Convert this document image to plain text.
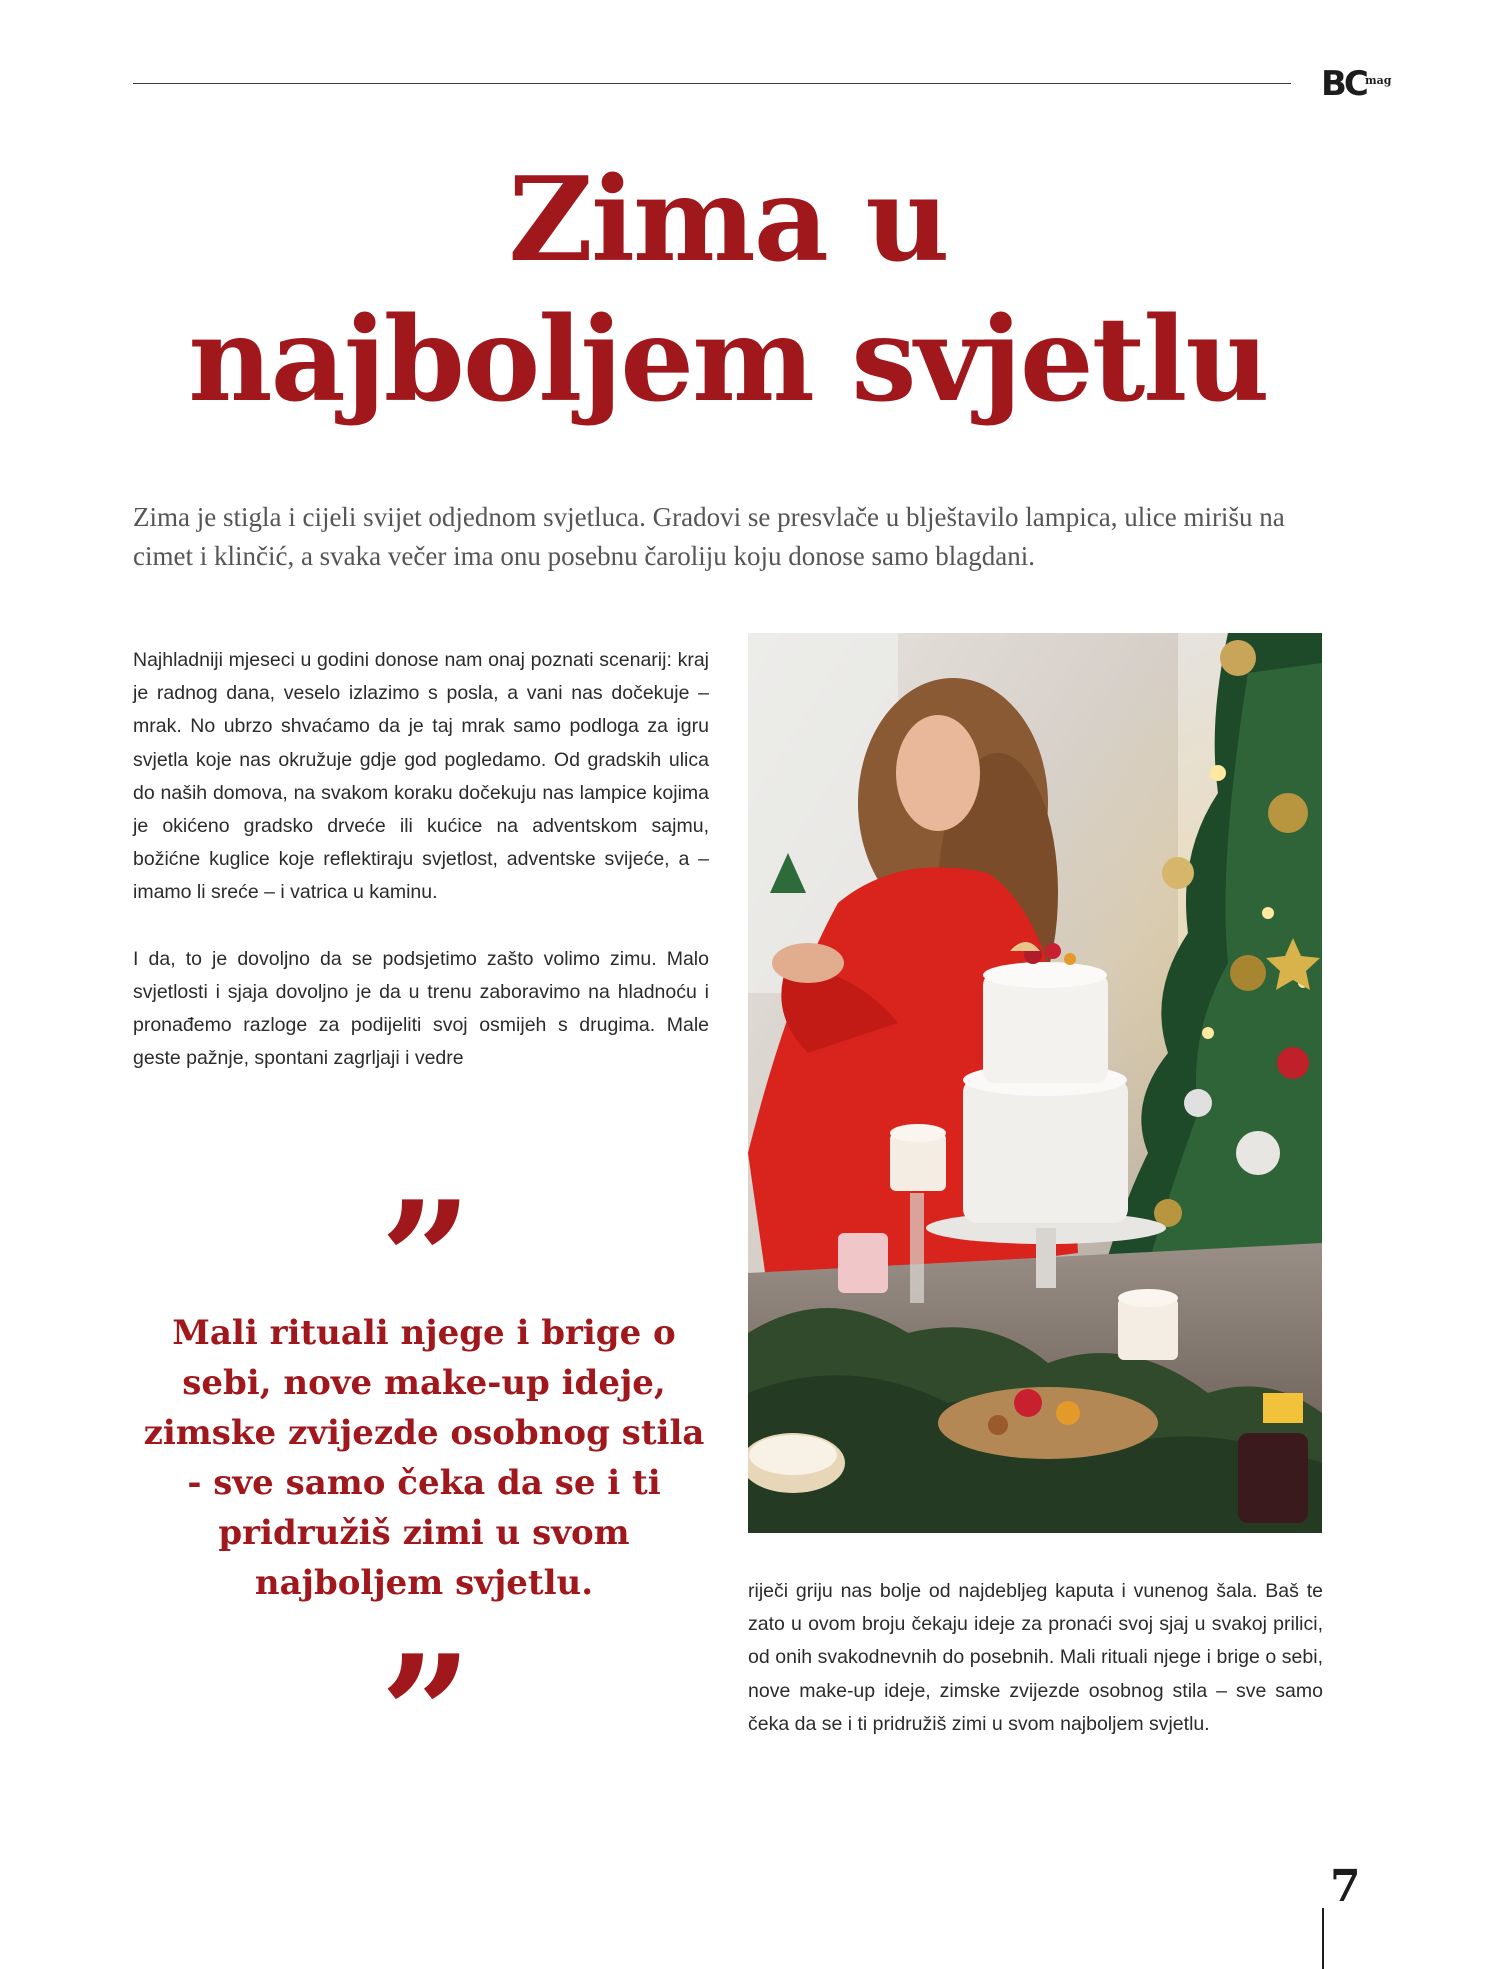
BC mag
Zima u
najboljem svjetlu

Zima je stigla i cijeli svijet odjednom svjetluca. Gradovi se presvlače u blještavilo lampica, ulice mirišu na cimet i klinčić, a svaka večer ima onu posebnu čaroliju koju donose samo blagdani.

Najhladniji mjeseci u godini donose nam onaj poznati scenarij: kraj je radnog dana, veselo izlazimo s posla, a vani nas dočekuje – mrak. No ubrzo shvaćamo da je taj mrak samo podloga za igru svjetla koje nas okružuje gdje god pogledamo. Od gradskih ulica do naših domova, na svakom koraku dočekuju nas lampice kojima je okićeno gradsko drveće ili kućice na adventskom sajmu, božićne kuglice koje reflektiraju svjetlost, adventske svijeće, a – imamo li sreće – i vatrica u kaminu.

I da, to je dovoljno da se podsjetimo zašto volimo zimu. Malo svjetlosti i sjaja dovoljno je da u trenu zaboravimo na hladnoću i pronađemo razloge za podijeliti svoj osmijeh s drugima. Male geste pažnje, spontani zagrljaji i vedre

”

Mali rituali njege i brige o sebi, nove make-up ideje, zimske zvijezde osobnog stila - sve samo čeka da se i ti pridružiš zimi u svom najboljem svjetlu.

”

riječi griju nas bolje od najdebljeg kaputa i vunenog šala. Baš te zato u ovom broju čekaju ideje za pronaći svoj sjaj u svakoj prilici, od onih svakodnevnih do posebnih. Mali rituali njege i brige o sebi, nove make-up ideje, zimske zvijezde osobnog stila – sve samo čeka da se i ti pridružiš zimi u svom najboljem svjetlu.

7
